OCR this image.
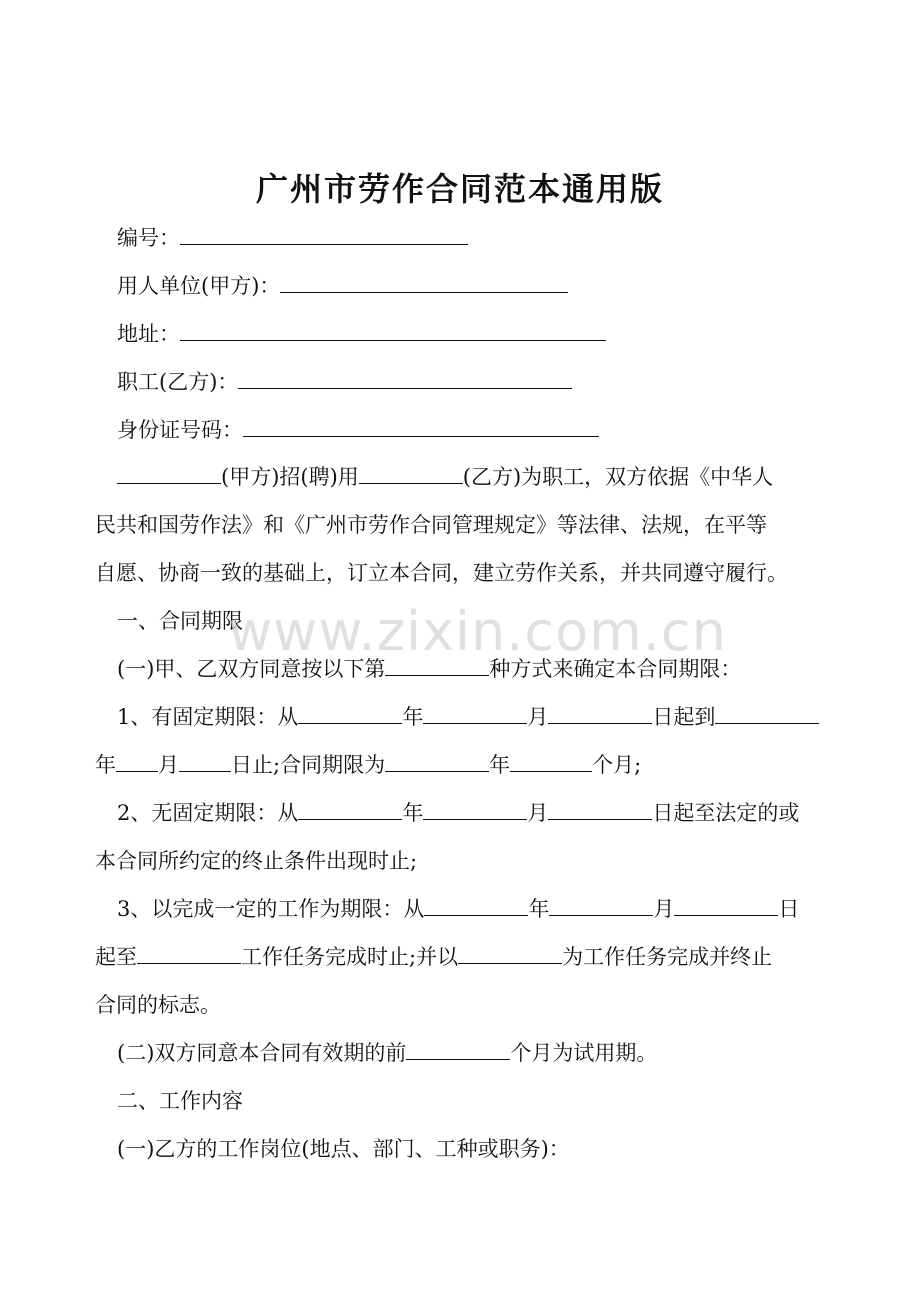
广州市劳作合同范本通用版
编号：
用人单位(甲方)：
地址：
职工(乙方)：
身份证号码：
(甲方)招(聘)用	(乙方)为职工，双方依据《中华人
民共和国劳作法》和《广州市劳作合同管理规定》等法律、法规，在平等
自愿、协商一致的基础上，订立本合同，建立劳作关系，并共同遵守履行。
一、合同期限
(一)甲、乙双方同意按以下第	种方式来确定本合同期限：
1、有固定期限：从	年	月	日起到
年 月 日止;合同期限为	年	个月;
2、无固定期限：从	年	月	日起至法定的或
本合同所约定的终止条件出现时止;
3、以完成一定的工作为期限：从	年	月	日
起至	工作任务完成时止;并以	为工作任务完成并终止
合同的标志。
(二)双方同意本合同有效期的前	个月为试用期。
二、工作内容
(一)乙方的工作岗位(地点、部门、工种或职务)：
www.zixin.com.cn
